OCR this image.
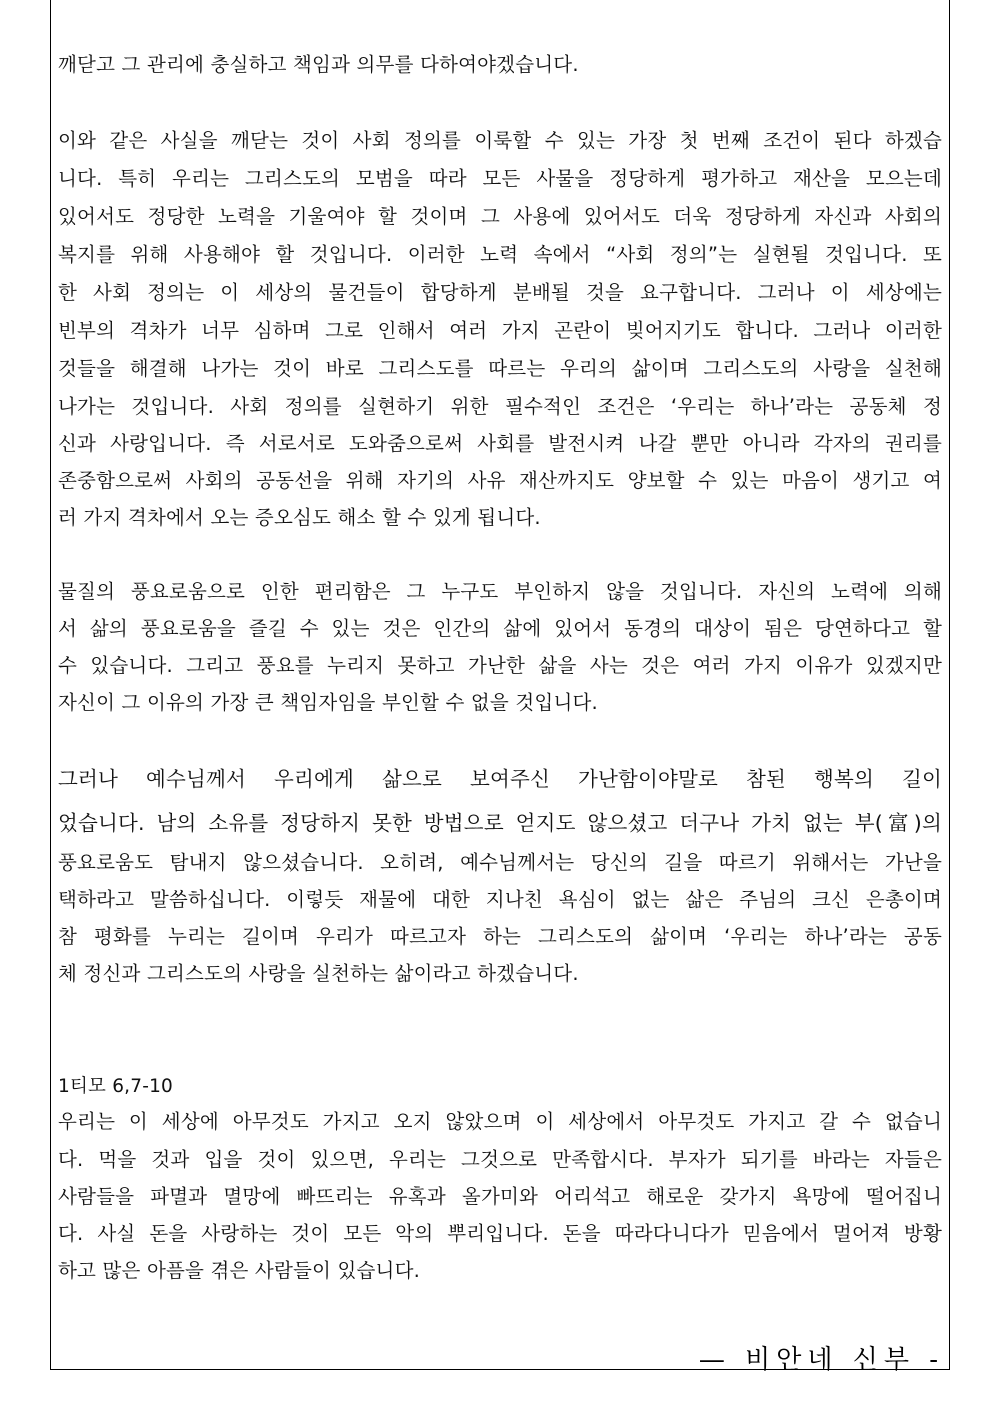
깨닫고 그 관리에 충실하고 책임과 의무를 다하여야겠습니다.
이와 같은 사실을 깨닫는 것이 사회 정의를 이룩할 수 있는 가장 첫 번째 조건이 된다 하겠습
니다. 특히 우리는 그리스도의 모범을 따라 모든 사물을 정당하게 평가하고 재산을 모으는데
있어서도 정당한 노력을 기울여야 할 것이며 그 사용에 있어서도 더욱 정당하게 자신과 사회의
복지를 위해 사용해야 할 것입니다. 이러한 노력 속에서 “사회 정의”는 실현될 것입니다. 또
한 사회 정의는 이 세상의 물건들이 합당하게 분배될 것을 요구합니다. 그러나 이 세상에는
빈부의 격차가 너무 심하며 그로 인해서 여러 가지 곤란이 빚어지기도 합니다. 그러나 이러한
것들을 해결해 나가는 것이 바로 그리스도를 따르는 우리의 삶이며 그리스도의 사랑을 실천해
나가는 것입니다. 사회 정의를 실현하기 위한 필수적인 조건은 ‘우리는 하나’라는 공동체 정
신과 사랑입니다. 즉 서로서로 도와줌으로써 사회를 발전시켜 나갈 뿐만 아니라 각자의 권리를
존중함으로써 사회의 공동선을 위해 자기의 사유 재산까지도 양보할 수 있는 마음이 생기고 여
러 가지 격차에서 오는 증오심도 해소 할 수 있게 됩니다.
물질의 풍요로움으로 인한 편리함은 그 누구도 부인하지 않을 것입니다. 자신의 노력에 의해
서 삶의 풍요로움을 즐길 수 있는 것은 인간의 삶에 있어서 동경의 대상이 됨은 당연하다고 할
수 있습니다. 그리고 풍요를 누리지 못하고 가난한 삶을 사는 것은 여러 가지 이유가 있겠지만
자신이 그 이유의 가장 큰 책임자임을 부인할 수 없을 것입니다.
그러나 예수님께서 우리에게 삶으로 보여주신 가난함이야말로 참된 행복의 길이
었습니다. 남의 소유를 정당하지 못한 방법으로 얻지도 않으셨고 더구나 가치 없는 부(富)의
풍요로움도 탐내지 않으셨습니다. 오히려, 예수님께서는 당신의 길을 따르기 위해서는 가난을
택하라고 말씀하십니다. 이렇듯 재물에 대한 지나친 욕심이 없는 삶은 주님의 크신 은총이며
참 평화를 누리는 길이며 우리가 따르고자 하는 그리스도의 삶이며 ‘우리는 하나’라는 공동
체 정신과 그리스도의 사랑을 실천하는 삶이라고 하겠습니다.
1티모 6,7-10
우리는 이 세상에 아무것도 가지고 오지 않았으며 이 세상에서 아무것도 가지고 갈 수 없습니
다. 먹을 것과 입을 것이 있으면, 우리는 그것으로 만족합시다. 부자가 되기를 바라는 자들은
사람들을 파멸과 멸망에 빠뜨리는 유혹과 올가미와 어리석고 해로운 갖가지 욕망에 떨어집니
다. 사실 돈을 사랑하는 것이 모든 악의 뿌리입니다. 돈을 따라다니다가 믿음에서 멀어져 방황
하고 많은 아픔을 겪은 사람들이 있습니다.
— 비안네 신부 -
